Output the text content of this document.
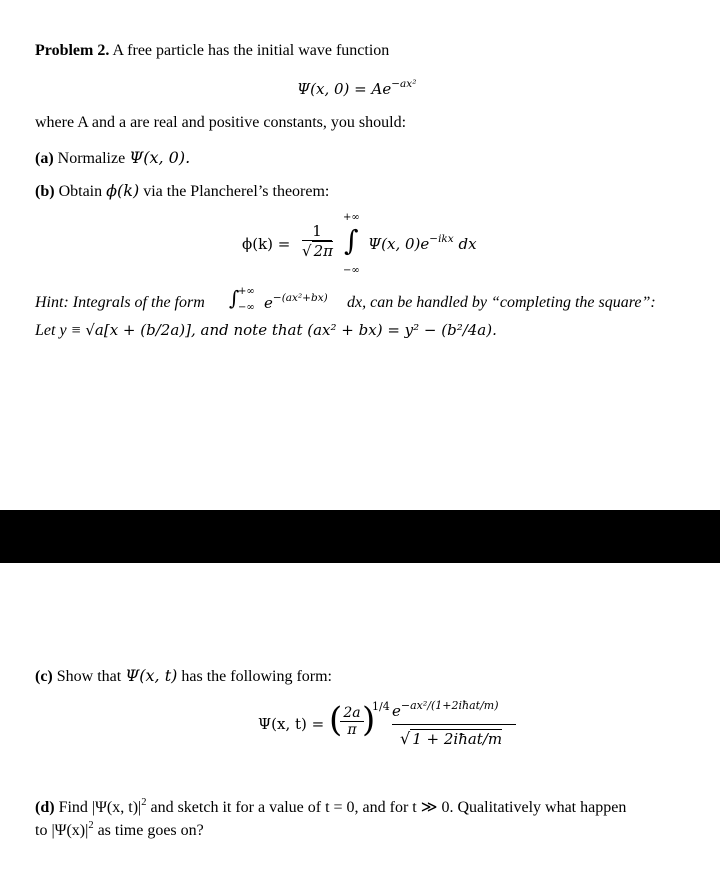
Problem 2. A free particle has the initial wave function
Ψ(x, $0) = Ae^{-ax^2}$
where A and a are real and positive constants, you should:
(a) Normalize Ψ(x, 0).
(b) Obtain ϕ(k) via the Plancherel’s theorem:
$\phi(k) = \frac{1}{√ 2\pi}$
+∞
∫
−∞
Ψ(x, $0)e^{-ikx}$ dx
Hint: Integrals of the form ∫
+∞
−∞ $e^{-(ax^2+bx)}$ dx, can be handled by “completing the square”:
Let y ≡ √a[x + (b/2a)], and note that (ax² + bx) = y² − (b²/4a).
(c) Show that Ψ(x, t) has the following form:
Ψ(x, t) = (
$\frac{2a}{\pi}$
)
1/4 $e^{-ax^2/(1+2iħat/m)}$
√ 1 + 2iħat/m
(d) Find |Ψ(x, $t)|^2$ and sketch it for a value of t = 0, and for t ≫ 0. Qualitatively what happen
to $|\Psi(x)|^2$ as time goes on?
